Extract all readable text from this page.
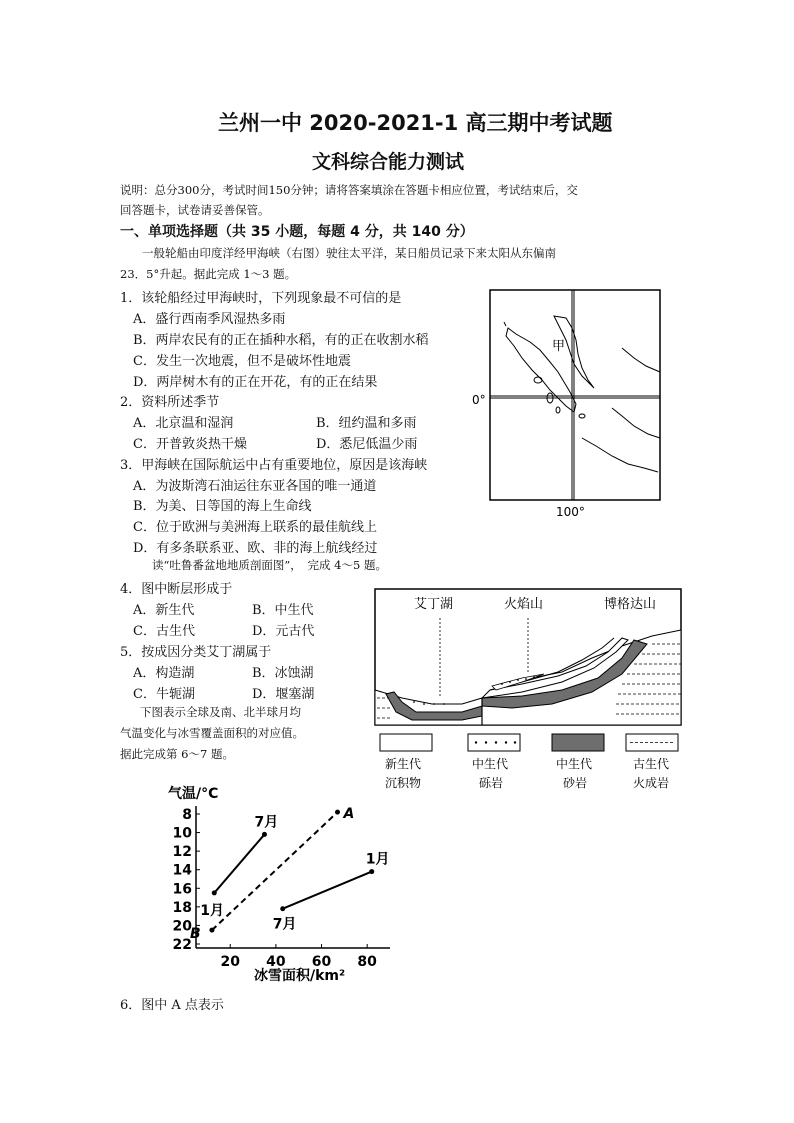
兰州一中 2020-2021-1 高三期中考试题
文科综合能力测试
说明：总分300分，考试时间150分钟；请将答案填涂在答题卡相应位置，考试结束后，交
回答题卡，试卷请妥善保管。
一、单项选择题（共 35 小题，每题 4 分，共 140 分）
一般轮船由印度洋经甲海峡（右图）驶往太平洋，某日船员记录下来太阳从东偏南
23．5°升起。据此完成 1～3 题。
1．该轮船经过甲海峡时，下列现象最不可信的是
A．盛行西南季风湿热多雨
B．两岸农民有的正在插种水稻，有的正在收割水稻
C．发生一次地震，但不是破坏性地震
D．两岸树木有的正在开花，有的正在结果
2．资料所述季节
A．北京温和湿润	B．纽约温和多雨
C．开普敦炎热干燥	D．悉尼低温少雨
3．甲海峡在国际航运中占有重要地位，原因是该海峡
A．为波斯湾石油运往东亚各国的唯一通道
B．为美、日等国的海上生命线
C．位于欧洲与美洲海上联系的最佳航线上
D．有多条联系亚、欧、非的海上航线经过
读“吐鲁番盆地地质剖面图”，　完成 4～5 题。
4．图中断层形成于
A．新生代	B．中生代
C．古生代	D．元古代
5．按成因分类艾丁湖属于
A．构造湖	B．冰蚀湖
C．牛轭湖	D．堰塞湖
下图表示全球及南、北半球月均
气温变化与冰雪覆盖面积的对应值。
据此完成第 6～7 题。
6．图中 A 点表示
甲
0°
100°
艾丁湖	火焰山	博格达山
新生代
沉积物
中生代
砾岩
中生代
砂岩
古生代
火成岩
气温/°C
冰雪面积/km²
8
10
12
14
16
18
20
22
20 40 60 80
1月
7月
B
A
7月
1月
